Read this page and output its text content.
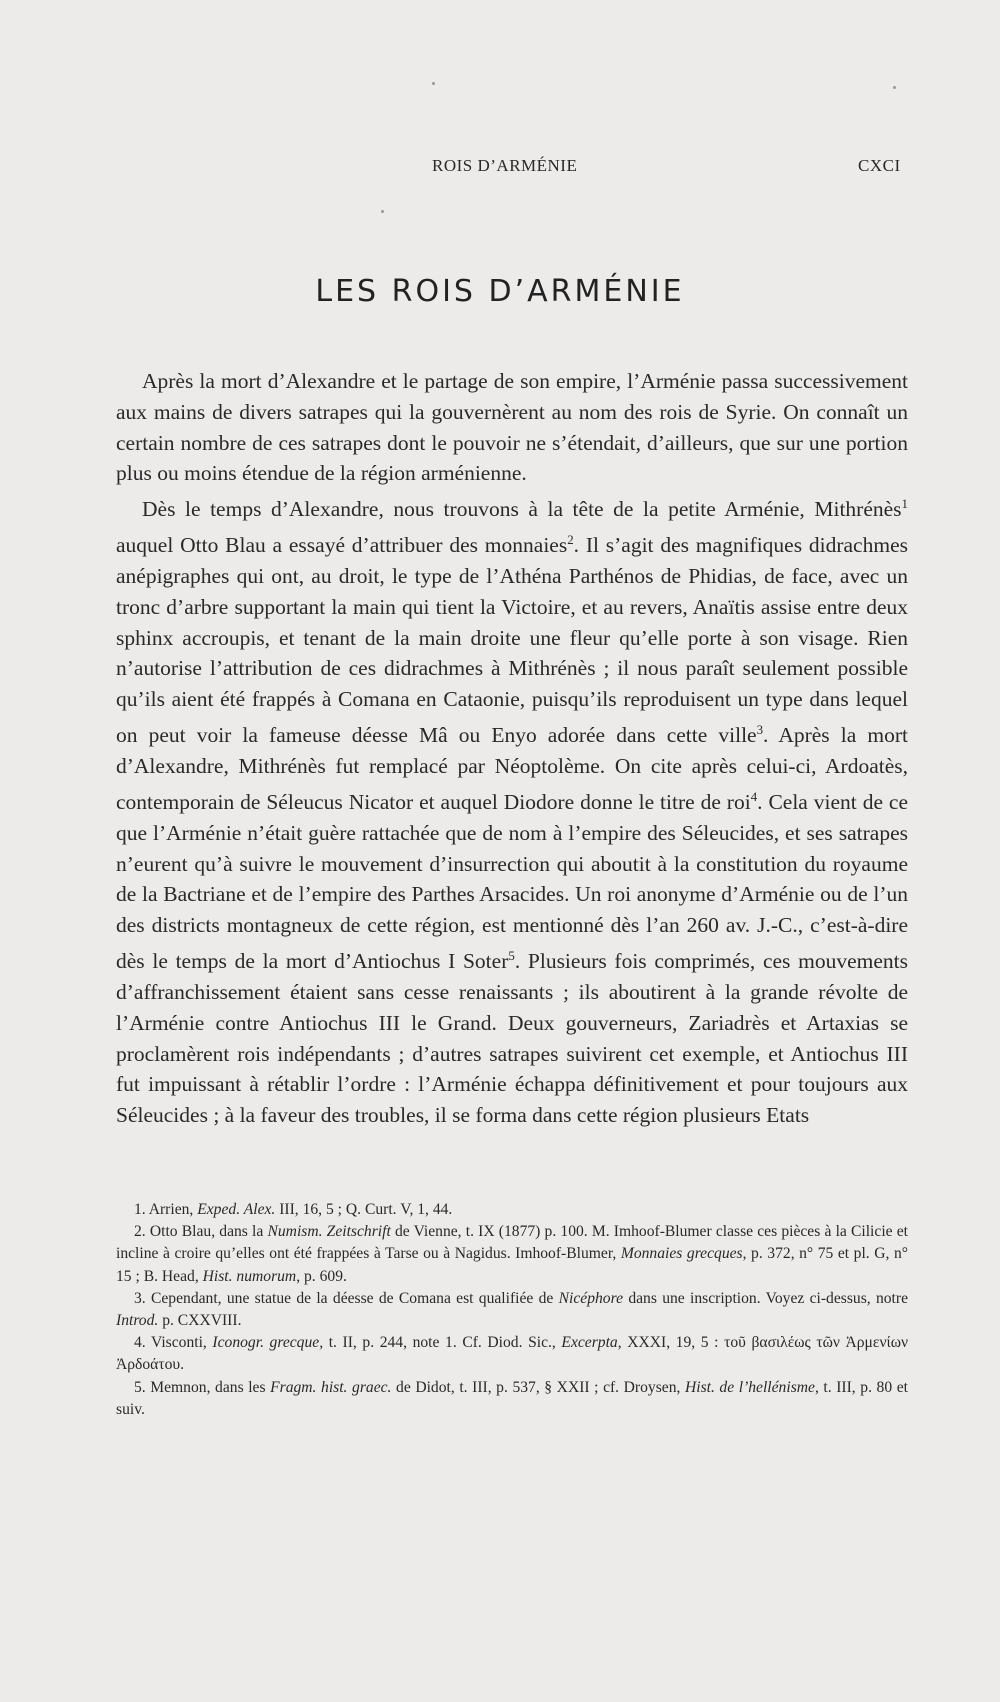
ROIS D’ARMÉNIE	CXCI
LES ROIS D’ARMÉNIE

Après la mort d’Alexandre et le partage de son empire, l’Arménie passa successivement aux mains de divers satrapes qui la gouvernèrent au nom des rois de Syrie. On connaît un certain nombre de ces satrapes dont le pouvoir ne s’étendait, d’ailleurs, que sur une portion plus ou moins étendue de la région arménienne.

Dès le temps d’Alexandre, nous trouvons à la tête de la petite Arménie, Mithrénès$^1$ auquel Otto Blau a essayé d’attribuer des monnaies$^2$. Il s’agit des magnifiques didrachmes anépigraphes qui ont, au droit, le type de l’Athéna Parthénos de Phidias, de face, avec un tronc d’arbre supportant la main qui tient la Victoire, et au revers, Anaïtis assise entre deux sphinx accroupis, et tenant de la main droite une fleur qu’elle porte à son visage. Rien n’autorise l’attribution de ces didrachmes à Mithrénès ; il nous paraît seulement possible qu’ils aient été frappés à Comana en Cataonie, puisqu’ils reproduisent un type dans lequel on peut voir la fameuse déesse Mâ ou Enyo adorée dans cette ville$^3$. Après la mort d’Alexandre, Mithrénès fut remplacé par Néoptolème. On cite après celui-ci, Ardoatès, contemporain de Séleucus Nicator et auquel Diodore donne le titre de roi$^4$. Cela vient de ce que l’Arménie n’était guère rattachée que de nom à l’empire des Séleucides, et ses satrapes n’eurent qu’à suivre le mouvement d’insurrection qui aboutit à la constitution du royaume de la Bactriane et de l’empire des Parthes Arsacides. Un roi anonyme d’Arménie ou de l’un des districts montagneux de cette région, est mentionné dès l’an 260 av. J.-C., c’est-à-dire dès le temps de la mort d’Antiochus I Soter$^5$. Plusieurs fois comprimés, ces mouvements d’affranchissement étaient sans cesse renaissants ; ils aboutirent à la grande révolte de l’Arménie contre Antiochus III le Grand. Deux gouverneurs, Zariadrès et Artaxias se proclamèrent rois indépendants ; d’autres satrapes suivirent cet exemple, et Antiochus III fut impuissant à rétablir l’ordre : l’Arménie échappa définitivement et pour toujours aux Séleucides ; à la faveur des troubles, il se forma dans cette région plusieurs Etats

1. Arrien, Exped. Alex. III, 16, 5 ; Q. Curt. V, 1, 44.

2. Otto Blau, dans la Numism. Zeitschrift de Vienne, t. IX (1877) p. 100. M. Imhoof-Blumer classe ces pièces à la Cilicie et incline à croire qu’elles ont été frappées à Tarse ou à Nagidus. Imhoof-Blumer, Monnaies grecques, p. 372, n° 75 et pl. G, n° 15 ; B. Head, Hist. numorum, p. 609.

3. Cependant, une statue de la déesse de Comana est qualifiée de Nicéphore dans une inscription. Voyez ci-dessus, notre Introd. p. CXXVIII.

4. Visconti, Iconogr. grecque, t. II, p. 244, note 1. Cf. Diod. Sic., Excerpta, XXXI, 19, 5 : τοῦ βασιλέως τῶν Ἀρμενίων Ἀρδοάτου.

5. Memnon, dans les Fragm. hist. graec. de Didot, t. III, p. 537, § XXII ; cf. Droysen, Hist. de l’hellénisme, t. III, p. 80 et suiv.
